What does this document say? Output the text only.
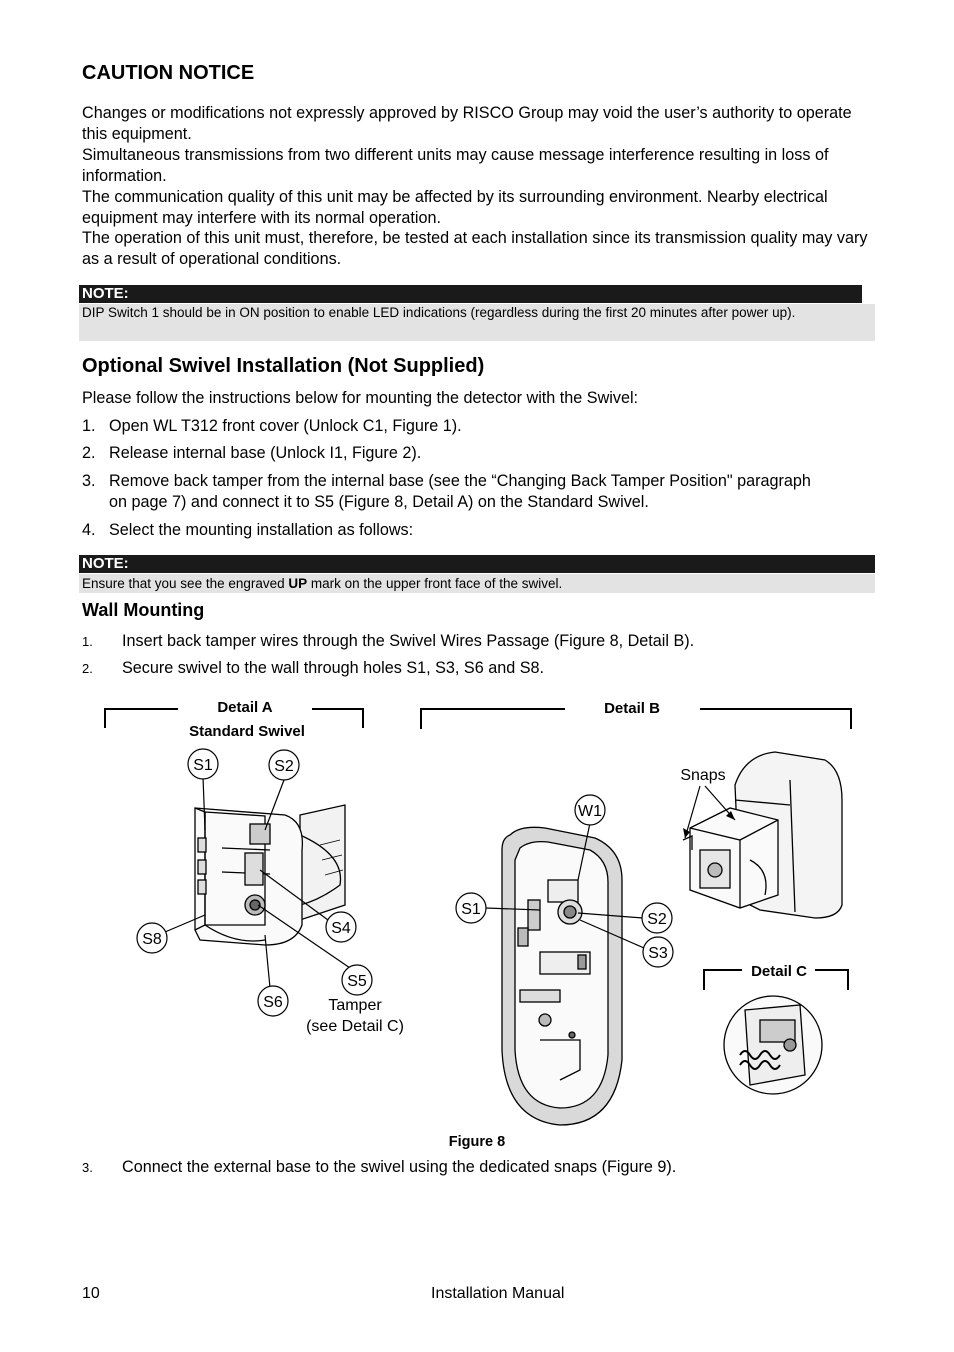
CAUTION NOTICE

Changes or modifications not expressly approved by RISCO Group may void the user’s authority to operate this equipment.

Simultaneous transmissions from two different units may cause message interference resulting in loss of information.

The communication quality of this unit may be affected by its surrounding environment. Nearby electrical equipment may interfere with its normal operation.

The operation of this unit must, therefore, be tested at each installation since its transmission quality may vary as a result of operational conditions.

NOTE:
DIP Switch 1 should be in ON position to enable LED indications (regardless during the first 20 minutes after power up).
Optional Swivel Installation (Not Supplied)
Please follow the instructions below for mounting the detector with the Swivel:
1. Open WL T312 front cover (Unlock C1, Figure 1).
2. Release internal base (Unlock I1, Figure 2).
3. Remove back tamper from the internal base (see the “Changing Back Tamper Position" paragraph on page 7) and connect it to S5 (Figure 8, Detail A) on the Standard Swivel.
4. Select the mounting installation as follows:
NOTE:
Ensure that you see the engraved UP mark on the upper front face of the swivel.
Wall Mounting
1. Insert back tamper wires through the Swivel Wires Passage (Figure 8, Detail B).
2. Secure swivel to the wall through holes S1, S3, S6 and S8.
Detail A
Standard Swivel
Detail B
Detail C
S1	S2
S8
S4
S5
S6	Tamper
(see Detail C)
W1
S1
S2
S3
Snaps
Figure 8
3. Connect the external base to the swivel using the dedicated snaps (Figure 9).
10	Installation Manual
